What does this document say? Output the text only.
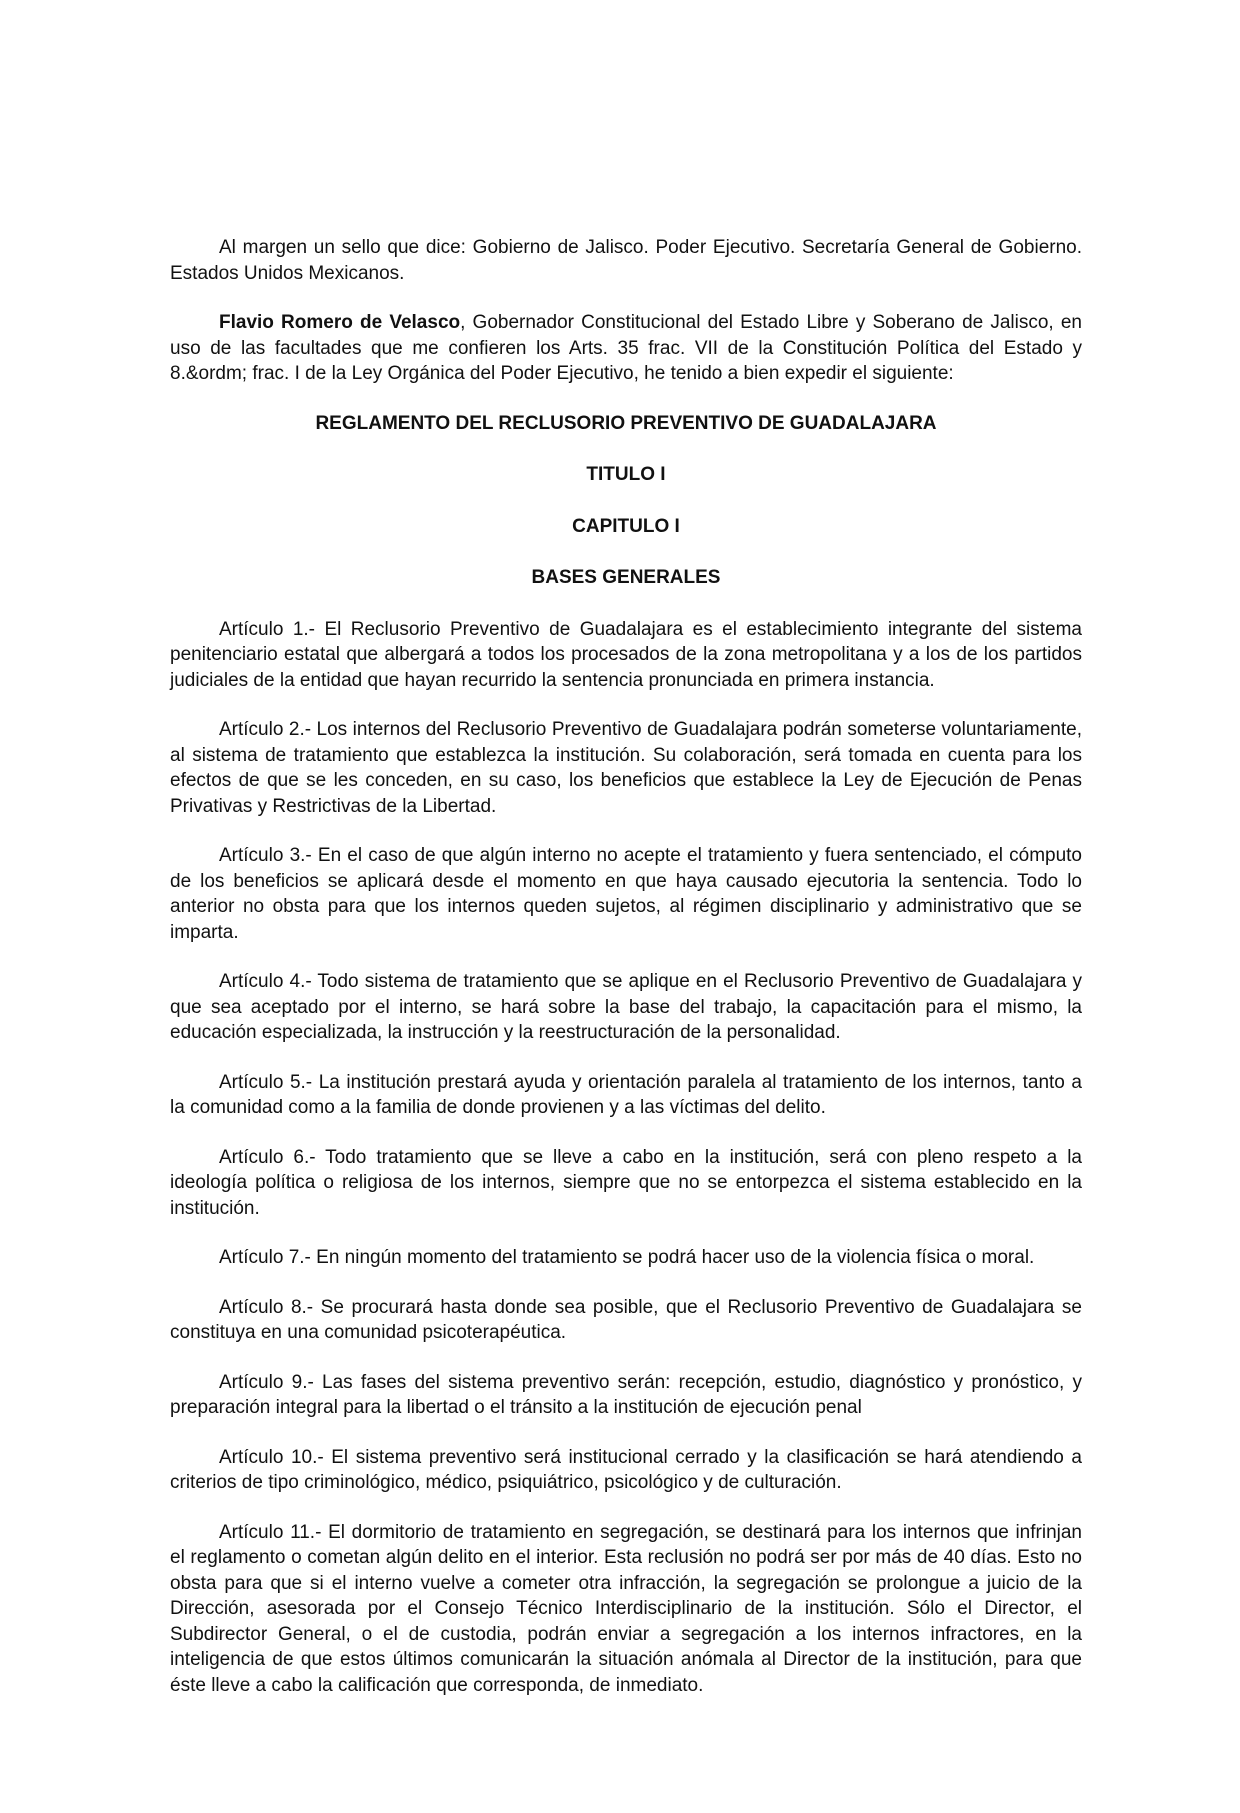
Al margen un sello que dice: Gobierno de Jalisco. Poder Ejecutivo. Secretaría General de Gobierno. Estados Unidos Mexicanos.

Flavio Romero de Velasco, Gobernador Constitucional del Estado Libre y Soberano de Jalisco, en uso de las facultades que me confieren los Arts. 35 frac. VII de la Constitución Política del Estado y 8.&ordm; frac. I de la Ley Orgánica del Poder Ejecutivo, he tenido a bien expedir el siguiente:

REGLAMENTO DEL RECLUSORIO PREVENTIVO DE GUADALAJARA

TITULO I

CAPITULO I

BASES GENERALES

Artículo 1.- El Reclusorio Preventivo de Guadalajara es el establecimiento integrante del sistema penitenciario estatal que albergará a todos los procesados de la zona metropolitana y a los de los partidos judiciales de la entidad que hayan recurrido la sentencia pronunciada en primera instancia.

Artículo 2.- Los internos del Reclusorio Preventivo de Guadalajara podrán someterse voluntariamente, al sistema de tratamiento que establezca la institución. Su colaboración, será tomada en cuenta para los efectos de que se les conceden, en su caso, los beneficios que establece la Ley de Ejecución de Penas Privativas y Restrictivas de la Libertad.

Artículo 3.- En el caso de que algún interno no acepte el tratamiento y fuera sentenciado, el cómputo de los beneficios se aplicará desde el momento en que haya causado ejecutoria la sentencia. Todo lo anterior no obsta para que los internos queden sujetos, al régimen disciplinario y administrativo que se imparta.

Artículo 4.- Todo sistema de tratamiento que se aplique en el Reclusorio Preventivo de Guadalajara y que sea aceptado por el interno, se hará sobre la base del trabajo, la capacitación para el mismo, la educación especializada, la instrucción y la reestructuración de la personalidad.

Artículo 5.- La institución prestará ayuda y orientación paralela al tratamiento de los internos, tanto a la comunidad como a la familia de donde provienen y a las víctimas del delito.

Artículo 6.- Todo tratamiento que se lleve a cabo en la institución, será con pleno respeto a la ideología política o religiosa de los internos, siempre que no se entorpezca el sistema establecido en la institución.

Artículo 7.- En ningún momento del tratamiento se podrá hacer uso de la violencia física o moral.

Artículo 8.- Se procurará hasta donde sea posible, que el Reclusorio Preventivo de Guadalajara se constituya en una comunidad psicoterapéutica.

Artículo 9.- Las fases del sistema preventivo serán: recepción, estudio, diagnóstico y pronóstico, y preparación integral para la libertad o el tránsito a la institución de ejecución penal

Artículo 10.- El sistema preventivo será institucional cerrado y la clasificación se hará atendiendo a criterios de tipo criminológico, médico, psiquiátrico, psicológico y de culturación.

Artículo 11.- El dormitorio de tratamiento en segregación, se destinará para los internos que infrinjan el reglamento o cometan algún delito en el interior. Esta reclusión no podrá ser por más de 40 días. Esto no obsta para que si el interno vuelve a cometer otra infracción, la segregación se prolongue a juicio de la Dirección, asesorada por el Consejo Técnico Interdisciplinario de la institución. Sólo el Director, el Subdirector General, o el de custodia, podrán enviar a segregación a los internos infractores, en la inteligencia de que estos últimos comunicarán la situación anómala al Director de la institución, para que éste lleve a cabo la calificación que corresponda, de inmediato.
